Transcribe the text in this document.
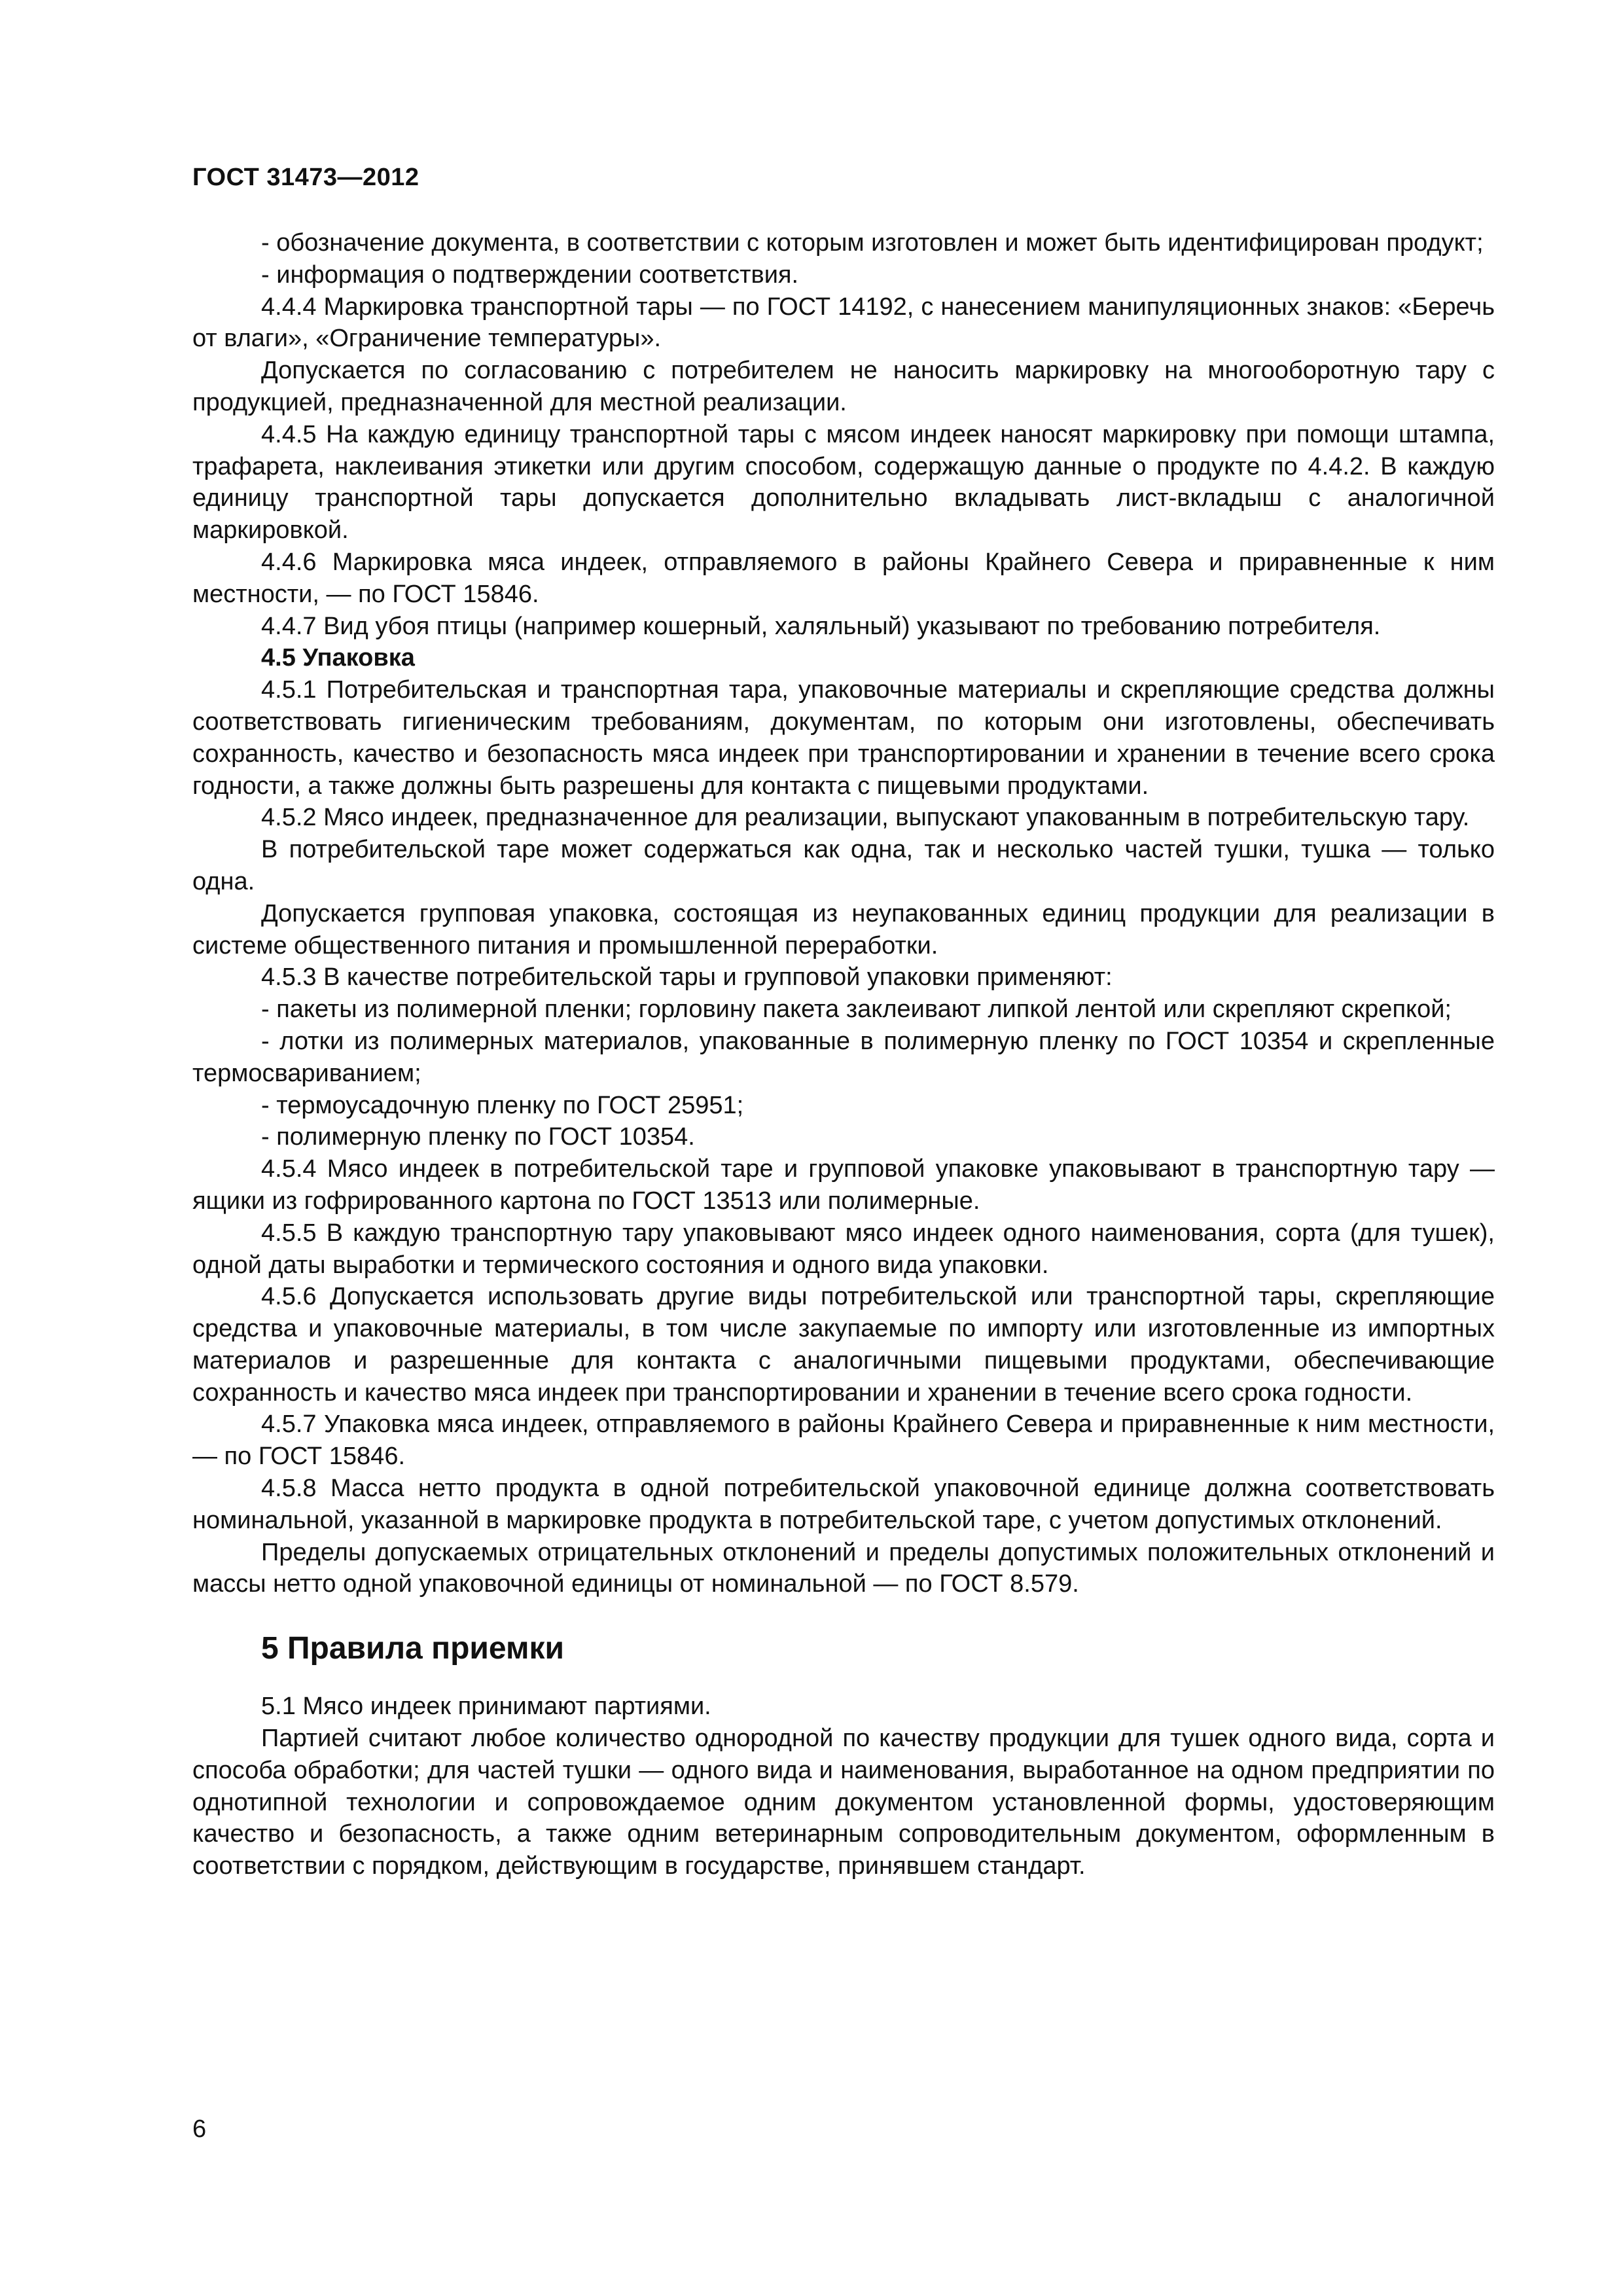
ГОСТ 31473—2012

- обозначение документа, в соответствии с которым изготовлен и может быть идентифицирован продукт;

- информация о подтверждении соответствия.

4.4.4 Маркировка транспортной тары — по ГОСТ 14192, с нанесением манипуляционных знаков: «Беречь от влаги», «Ограничение температуры».

Допускается по согласованию с потребителем не наносить маркировку на многооборотную тару с продукцией, предназначенной для местной реализации.

4.4.5 На каждую единицу транспортной тары с мясом индеек наносят маркировку при помощи штампа, трафарета, наклеивания этикетки или другим способом, содержащую данные о продукте по 4.4.2. В каждую единицу транспортной тары допускается дополнительно вкладывать лист-вкладыш с аналогичной маркировкой.

4.4.6 Маркировка мяса индеек, отправляемого в районы Крайнего Севера и приравненные к ним местности, — по ГОСТ 15846.

4.4.7 Вид убоя птицы (например кошерный, халяльный) указывают по требованию потребителя.

4.5 Упаковка

4.5.1 Потребительская и транспортная тара, упаковочные материалы и скрепляющие средства должны соответствовать гигиеническим требованиям, документам, по которым они изготовлены, обеспечивать сохранность, качество и безопасность мяса индеек при транспортировании и хранении в течение всего срока годности, а также должны быть разрешены для контакта с пищевыми продуктами.

4.5.2 Мясо индеек, предназначенное для реализации, выпускают упакованным в потребительскую тару.

В потребительской таре может содержаться как одна, так и несколько частей тушки, тушка — только одна.

Допускается групповая упаковка, состоящая из неупакованных единиц продукции для реализации в системе общественного питания и промышленной переработки.

4.5.3 В качестве потребительской тары и групповой упаковки применяют:

- пакеты из полимерной пленки; горловину пакета заклеивают липкой лентой или скрепляют скрепкой;

- лотки из полимерных материалов, упакованные в полимерную пленку по ГОСТ 10354 и скрепленные термосвариванием;

- термоусадочную пленку по ГОСТ 25951;

- полимерную пленку по ГОСТ 10354.

4.5.4 Мясо индеек в потребительской таре и групповой упаковке упаковывают в транспортную тару — ящики из гофрированного картона по ГОСТ 13513 или полимерные.

4.5.5 В каждую транспортную тару упаковывают мясо индеек одного наименования, сорта (для тушек), одной даты выработки и термического состояния и одного вида упаковки.

4.5.6 Допускается использовать другие виды потребительской или транспортной тары, скрепляющие средства и упаковочные материалы, в том числе закупаемые по импорту или изготовленные из импортных материалов и разрешенные для контакта с аналогичными пищевыми продуктами, обеспечивающие сохранность и качество мяса индеек при транспортировании и хранении в течение всего срока годности.

4.5.7 Упаковка мяса индеек, отправляемого в районы Крайнего Севера и приравненные к ним местности, — по ГОСТ 15846.

4.5.8 Масса нетто продукта в одной потребительской упаковочной единице должна соответствовать номинальной, указанной в маркировке продукта в потребительской таре, с учетом допустимых отклонений.

Пределы допускаемых отрицательных отклонений и пределы допустимых положительных отклонений и массы нетто одной упаковочной единицы от номинальной — по ГОСТ 8.579.

5 Правила приемки

5.1 Мясо индеек принимают партиями.

Партией считают любое количество однородной по качеству продукции для тушек одного вида, сорта и способа обработки; для частей тушки — одного вида и наименования, выработанное на одном предприятии по однотипной технологии и сопровождаемое одним документом установленной формы, удостоверяющим качество и безопасность, а также одним ветеринарным сопроводительным документом, оформленным в соответствии с порядком, действующим в государстве, принявшем стандарт.

6
